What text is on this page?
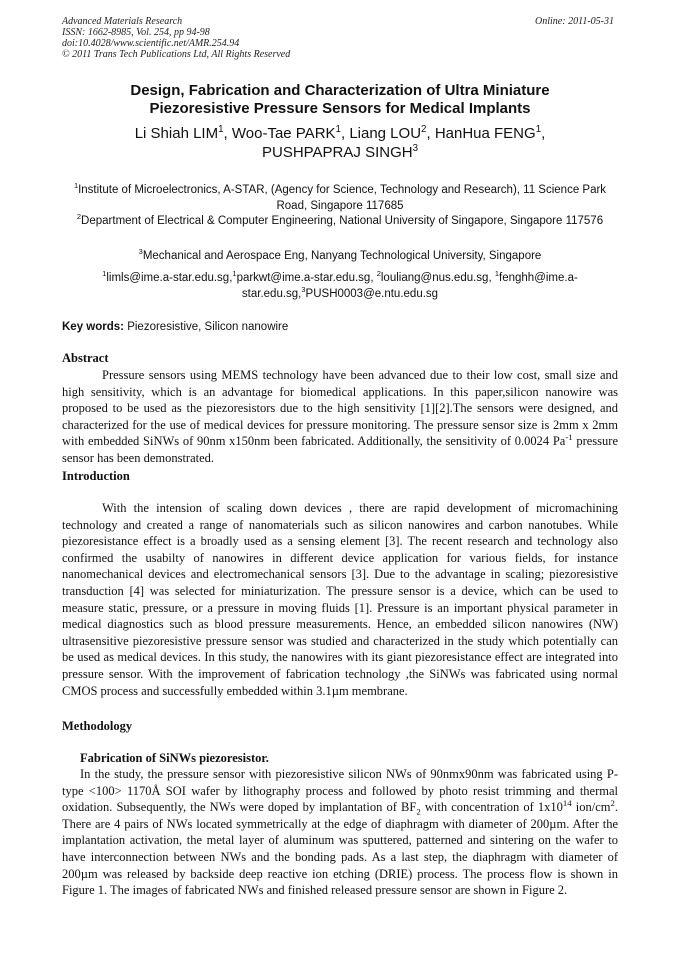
Advanced Materials Research
ISSN: 1662-8985, Vol. 254, pp 94-98
doi:10.4028/www.scientific.net/AMR.254.94
© 2011 Trans Tech Publications Ltd, All Rights Reserved
Online: 2011-05-31
Design, Fabrication and Characterization of Ultra Miniature
Piezoresistive Pressure Sensors for Medical Implants
Li Shiah LIM$^1$, Woo-Tae PARK$^1$, Liang LOU$^2$, HanHua FENG$^1$,
PUSHPAPRAJ SINGH$^3$
$^1$Institute of Microelectronics, A-STAR, (Agency for Science, Technology and Research), 11 Science Park Road, Singapore 117685
$^2$Department of Electrical & Computer Engineering, National University of Singapore, Singapore 117576
$^3$Mechanical and Aerospace Eng, Nanyang Technological University, Singapore
$^1$limls@ime.a-star.edu.sg,$^1$parkwt@ime.a-star.edu.sg, $^2$louliang@nus.edu.sg, $^1$fenghh@ime.a-star.edu.sg,$^3$PUSH0003@e.ntu.edu.sg
Key words: Piezoresistive, Silicon nanowire
Abstract
Pressure sensors using MEMS technology have been advanced due to their low cost, small size and high sensitivity, which is an advantage for biomedical applications. In this paper,silicon nanowire was proposed to be used as the piezoresistors due to the high sensitivity [1][2].The sensors were designed, and characterized for the use of medical devices for pressure monitoring. The pressure sensor size is 2mm x 2mm with embedded SiNWs of 90nm x150nm been fabricated. Additionally, the sensitivity of 0.0024 $Pa^{-1}$ pressure sensor has been demonstrated.
Introduction
With the intension of scaling down devices , there are rapid development of micromachining technology and created a range of nanomaterials such as silicon nanowires and carbon nanotubes. While piezoresistance effect is a broadly used as a sensing element [3]. The recent research and technology also confirmed the usabilty of nanowires in different device application for various fields, for instance nanomechanical devices and electromechanical sensors [3]. Due to the advantage in scaling; piezoresistive transduction [4] was selected for miniaturization. The pressure sensor is a device, which can be used to measure static, pressure, or a pressure in moving fluids [1]. Pressure is an important physical parameter in medical diagnostics such as blood pressure measurements. Hence, an embedded silicon nanowires (NW) ultrasensitive piezoresistive pressure sensor was studied and characterized in the study which potentially can be used as medical devices. In this study, the nanowires with its giant piezoresistance effect are integrated into pressure sensor. With the improvement of fabrication technology ,the SiNWs was fabricated using normal CMOS process and successfully embedded within 3.1µm membrane.
Methodology
Fabrication of SiNWs piezoresistor.
In the study, the pressure sensor with piezoresistive silicon NWs of 90nmx90nm was fabricated using P-type <100> 1170Å SOI wafer by lithography process and followed by photo resist trimming and thermal oxidation. Subsequently, the NWs were doped by implantation of $BF_2$ with concentration of $1x10^{14}$ ion/$cm^2$. There are 4 pairs of NWs located symmetrically at the edge of diaphragm with diameter of 200µm. After the implantation activation, the metal layer of aluminum was sputtered, patterned and sintering on the wafer to have interconnection between NWs and the bonding pads. As a last step, the diaphragm with diameter of 200µm was released by backside deep reactive ion etching (DRIE) process. The process flow is shown in Figure 1. The images of fabricated NWs and finished released pressure sensor are shown in Figure 2.
